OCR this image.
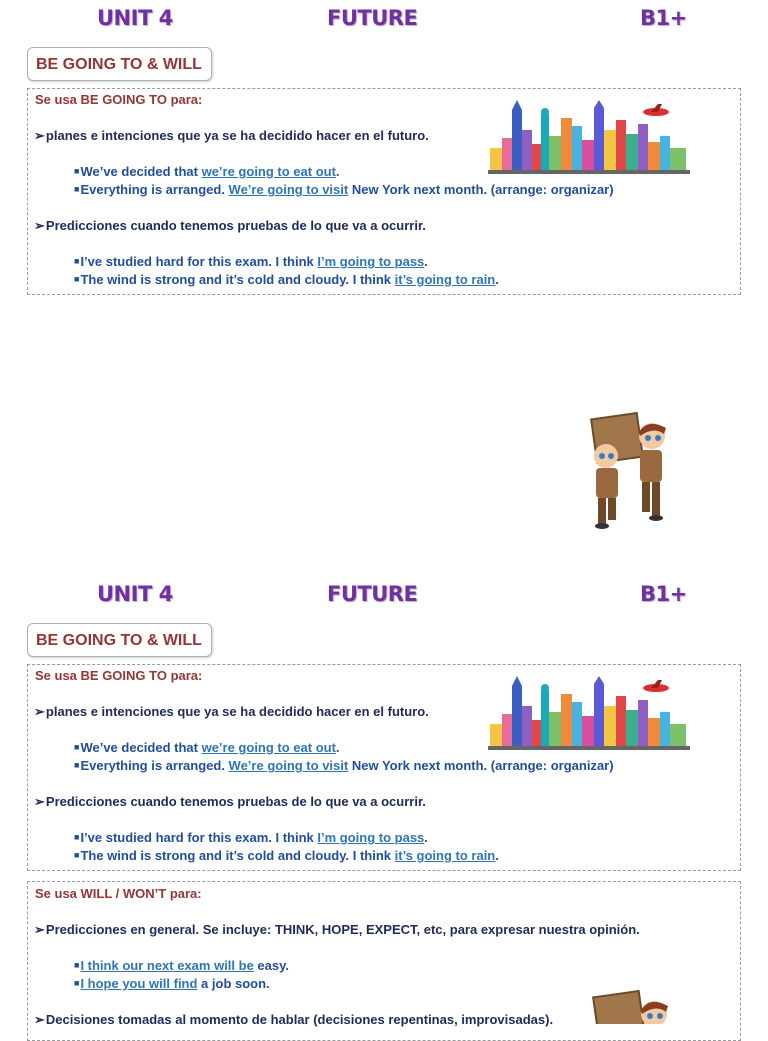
UNIT 4	FUTURE	B1+
BE GOING TO & WILL
Se usa BE GOING TO para:
➢planes e intenciones que ya se ha decidido hacer en el futuro.
■We’ve decided that we’re going to eat out.
■Everything is arranged. We’re going to visit New York next month. (arrange: organizar)
➢Predicciones cuando tenemos pruebas de lo que va a ocurrir.
■I’ve studied hard for this exam. I think I’m going to pass.
■The wind is strong and it’s cold and cloudy. I think it’s going to rain.
UNIT 4	FUTURE	B1+
BE GOING TO & WILL
Se usa BE GOING TO para:
➢planes e intenciones que ya se ha decidido hacer en el futuro.
■We’ve decided that we’re going to eat out.
■Everything is arranged. We’re going to visit New York next month. (arrange: organizar)
➢Predicciones cuando tenemos pruebas de lo que va a ocurrir.
■I’ve studied hard for this exam. I think I’m going to pass.
■The wind is strong and it’s cold and cloudy. I think it’s going to rain.
Se usa WILL / WON’T para:
➢Predicciones en general. Se incluye: THINK, HOPE, EXPECT, etc, para expresar nuestra opinión.
■I think our next exam will be easy.
■I hope you will find a job soon.
➢Decisiones tomadas al momento de hablar (decisiones repentinas, improvisadas).
